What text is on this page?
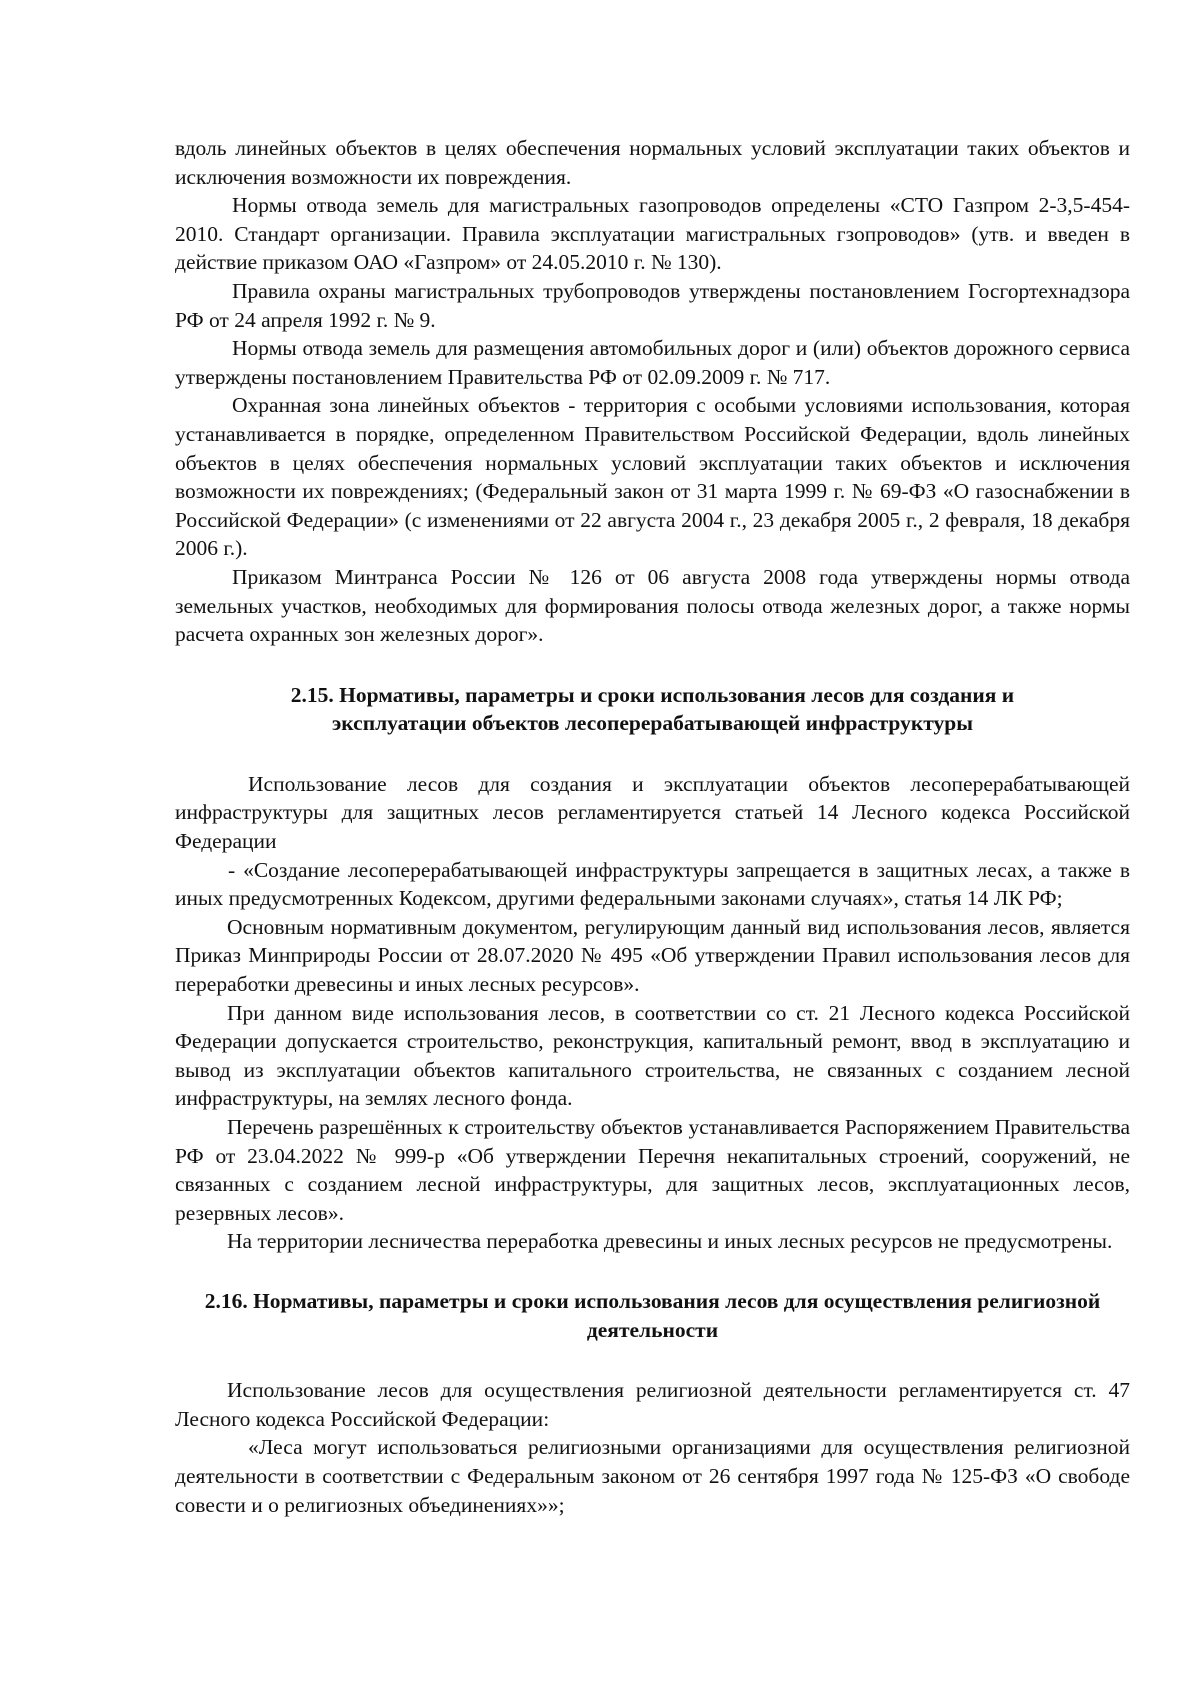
вдоль линейных объектов в целях обеспечения нормальных условий эксплуатации таких объектов и исключения возможности их повреждения.

Нормы отвода земель для магистральных газопроводов определены «СТО Газпром 2-3,5-454-2010. Стандарт организации. Правила эксплуатации магистральных гзопроводов» (утв. и введен в действие приказом ОАО «Газпром» от 24.05.2010 г. № 130).

Правила охраны магистральных трубопроводов утверждены постановлением Госгортехнадзора РФ от 24 апреля 1992 г. № 9.

Нормы отвода земель для размещения автомобильных дорог и (или) объектов дорожного сервиса утверждены постановлением Правительства РФ от 02.09.2009 г. № 717.

Охранная зона линейных объектов - территория с особыми условиями использования, которая устанавливается в порядке, определенном Правительством Российской Федерации, вдоль линейных объектов в целях обеспечения нормальных условий эксплуатации таких объектов и исключения возможности их повреждениях; (Федеральный закон от 31 марта 1999 г. № 69-ФЗ «О газоснабжении в Российской Федерации» (с изменениями от 22 августа 2004 г., 23 декабря 2005 г., 2 февраля, 18 декабря 2006 г.).

Приказом Минтранса России № 126 от 06 августа 2008 года утверждены нормы отвода земельных участков, необходимых для формирования полосы отвода железных дорог, а также нормы расчета охранных зон железных дорог».

2.15. Нормативы, параметры и сроки использования лесов для создания и эксплуатации объектов лесоперерабатывающей инфраструктуры

Использование лесов для создания и эксплуатации объектов лесоперерабатывающей инфраструктуры для защитных лесов регламентируется статьей 14 Лесного кодекса Российской Федерации

- «Создание лесоперерабатывающей инфраструктуры запрещается в защитных лесах, а также в иных предусмотренных Кодексом, другими федеральными законами случаях», статья 14 ЛК РФ;

Основным нормативным документом, регулирующим данный вид использования лесов, является Приказ Минприроды России от 28.07.2020 № 495 «Об утверждении Правил использования лесов для переработки древесины и иных лесных ресурсов».

При данном виде использования лесов, в соответствии со ст. 21 Лесного кодекса Российской Федерации допускается строительство, реконструкция, капитальный ремонт, ввод в эксплуатацию и вывод из эксплуатации объектов капитального строительства, не связанных с созданием лесной инфраструктуры, на землях лесного фонда.

Перечень разрешённых к строительству объектов устанавливается Распоряжением Правительства РФ от 23.04.2022 № 999-р «Об утверждении Перечня некапитальных строений, сооружений, не связанных с созданием лесной инфраструктуры, для защитных лесов, эксплуатационных лесов, резервных лесов».

На территории лесничества переработка древесины и иных лесных ресурсов не предусмотрены.

2.16. Нормативы, параметры и сроки использования лесов для осуществления религиозной деятельности

Использование лесов для осуществления религиозной деятельности регламентируется ст. 47 Лесного кодекса Российской Федерации:

«Леса могут использоваться религиозными организациями для осуществления религиозной деятельности в соответствии с Федеральным законом от 26 сентября 1997 года № 125-ФЗ «О свободе совести и о религиозных объединениях»»;
